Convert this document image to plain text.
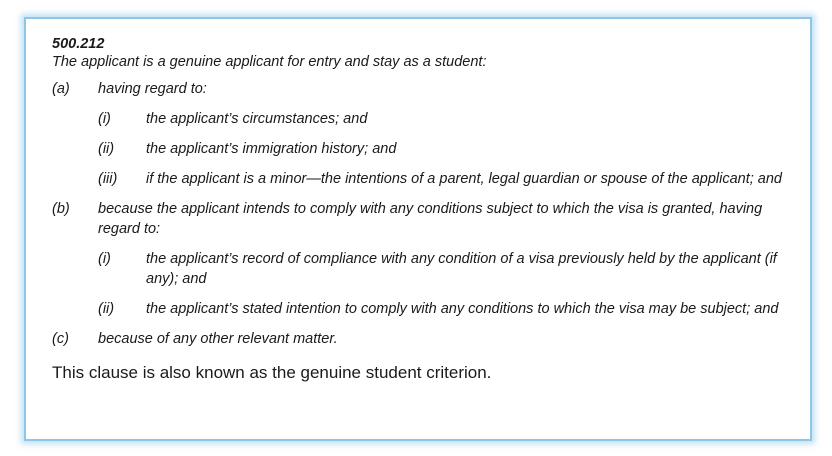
500.212

The applicant is a genuine applicant for entry and stay as a student:

(a)	having regard to:
(i)	the applicant’s circumstances; and
(ii)	the applicant’s immigration history; and
(iii)	if the applicant is a minor—the intentions of a parent, legal guardian or spouse of the applicant; and
(b)	because the applicant intends to comply with any conditions subject to which the visa is granted, having regard to:
(i)	the applicant’s record of compliance with any condition of a visa previously held by the applicant (if any); and
(ii)	the applicant’s stated intention to comply with any conditions to which the visa may be subject; and
(c)	because of any other relevant matter.

This clause is also known as the genuine student criterion.
